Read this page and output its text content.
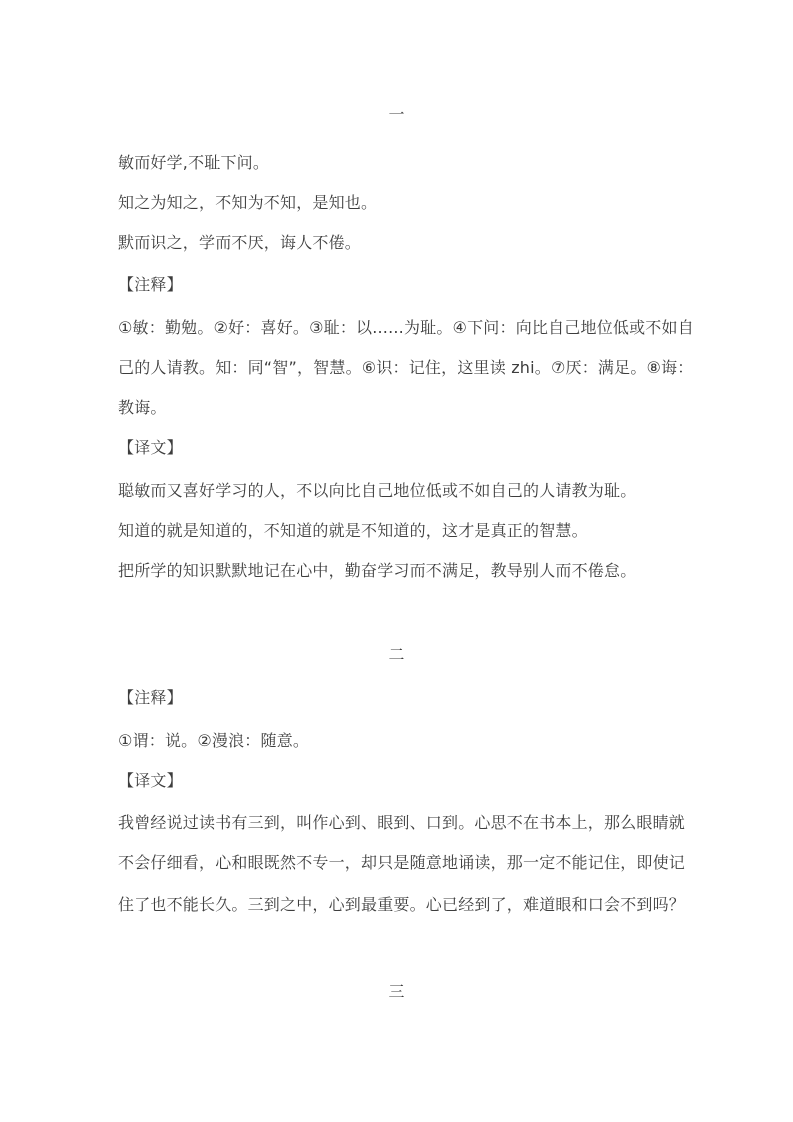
一

敏而好学,不耻下问。

知之为知之，不知为不知，是知也。

默而识之，学而不厌，诲人不倦。

【注释】

①敏：勤勉。②好：喜好。③耻：以......为耻。④下问：向比自己地位低或不如自

己的人请教。知：同“智”，智慧。⑥识：记住，这里读 zhi。⑦厌：满足。⑧诲：

教诲。

【译文】

聪敏而又喜好学习的人，不以向比自己地位低或不如自己的人请教为耻。

知道的就是知道的，不知道的就是不知道的，这才是真正的智慧。

把所学的知识默默地记在心中，勤奋学习而不满足，教导别人而不倦怠。

二

【注释】

①谓：说。②漫浪：随意。

【译文】

我曾经说过读书有三到，叫作心到、眼到、口到。心思不在书本上，那么眼睛就

不会仔细看，心和眼既然不专一，却只是随意地诵读，那一定不能记住，即使记

住了也不能长久。三到之中，心到最重要。心已经到了，难道眼和口会不到吗？

三
